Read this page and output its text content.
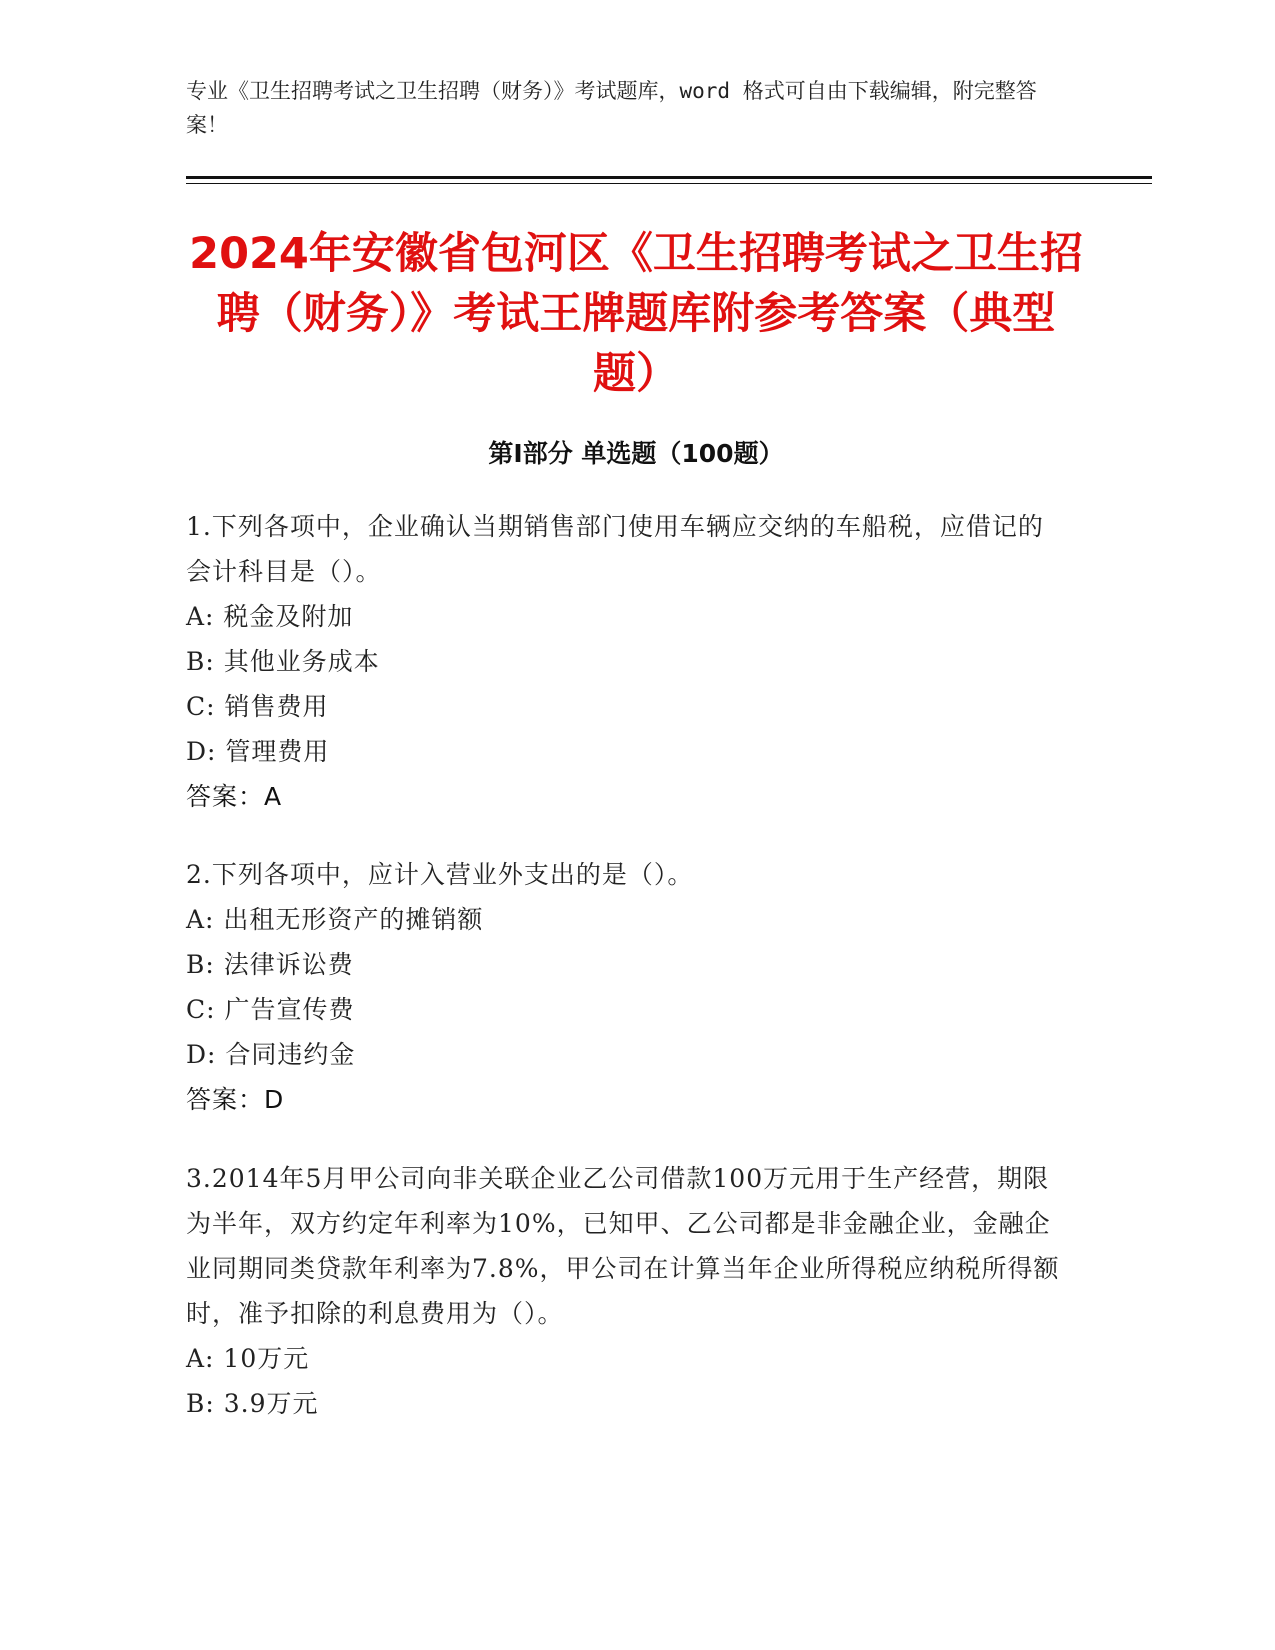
专业《卫生招聘考试之卫生招聘（财务）》考试题库，word 格式可自由下载编辑，附完整答案！
2024年安徽省包河区《卫生招聘考试之卫生招聘（财务）》考试王牌题库附参考答案（典型题）
第Ⅰ部分 单选题（100题）

1.下列各项中，企业确认当期销售部门使用车辆应交纳的车船税，应借记的会计科目是（）。

A: 税金及附加

B: 其他业务成本

C: 销售费用

D: 管理费用

答案：A

2.下列各项中，应计入营业外支出的是（）。

A: 出租无形资产的摊销额

B: 法律诉讼费

C: 广告宣传费

D: 合同违约金

答案：D

3.2014年5月甲公司向非关联企业乙公司借款100万元用于生产经营，期限为半年，双方约定年利率为10%，已知甲、乙公司都是非金融企业，金融企业同期同类贷款年利率为7.8%，甲公司在计算当年企业所得税应纳税所得额时，准予扣除的利息费用为（）。

A: 10万元

B: 3.9万元
